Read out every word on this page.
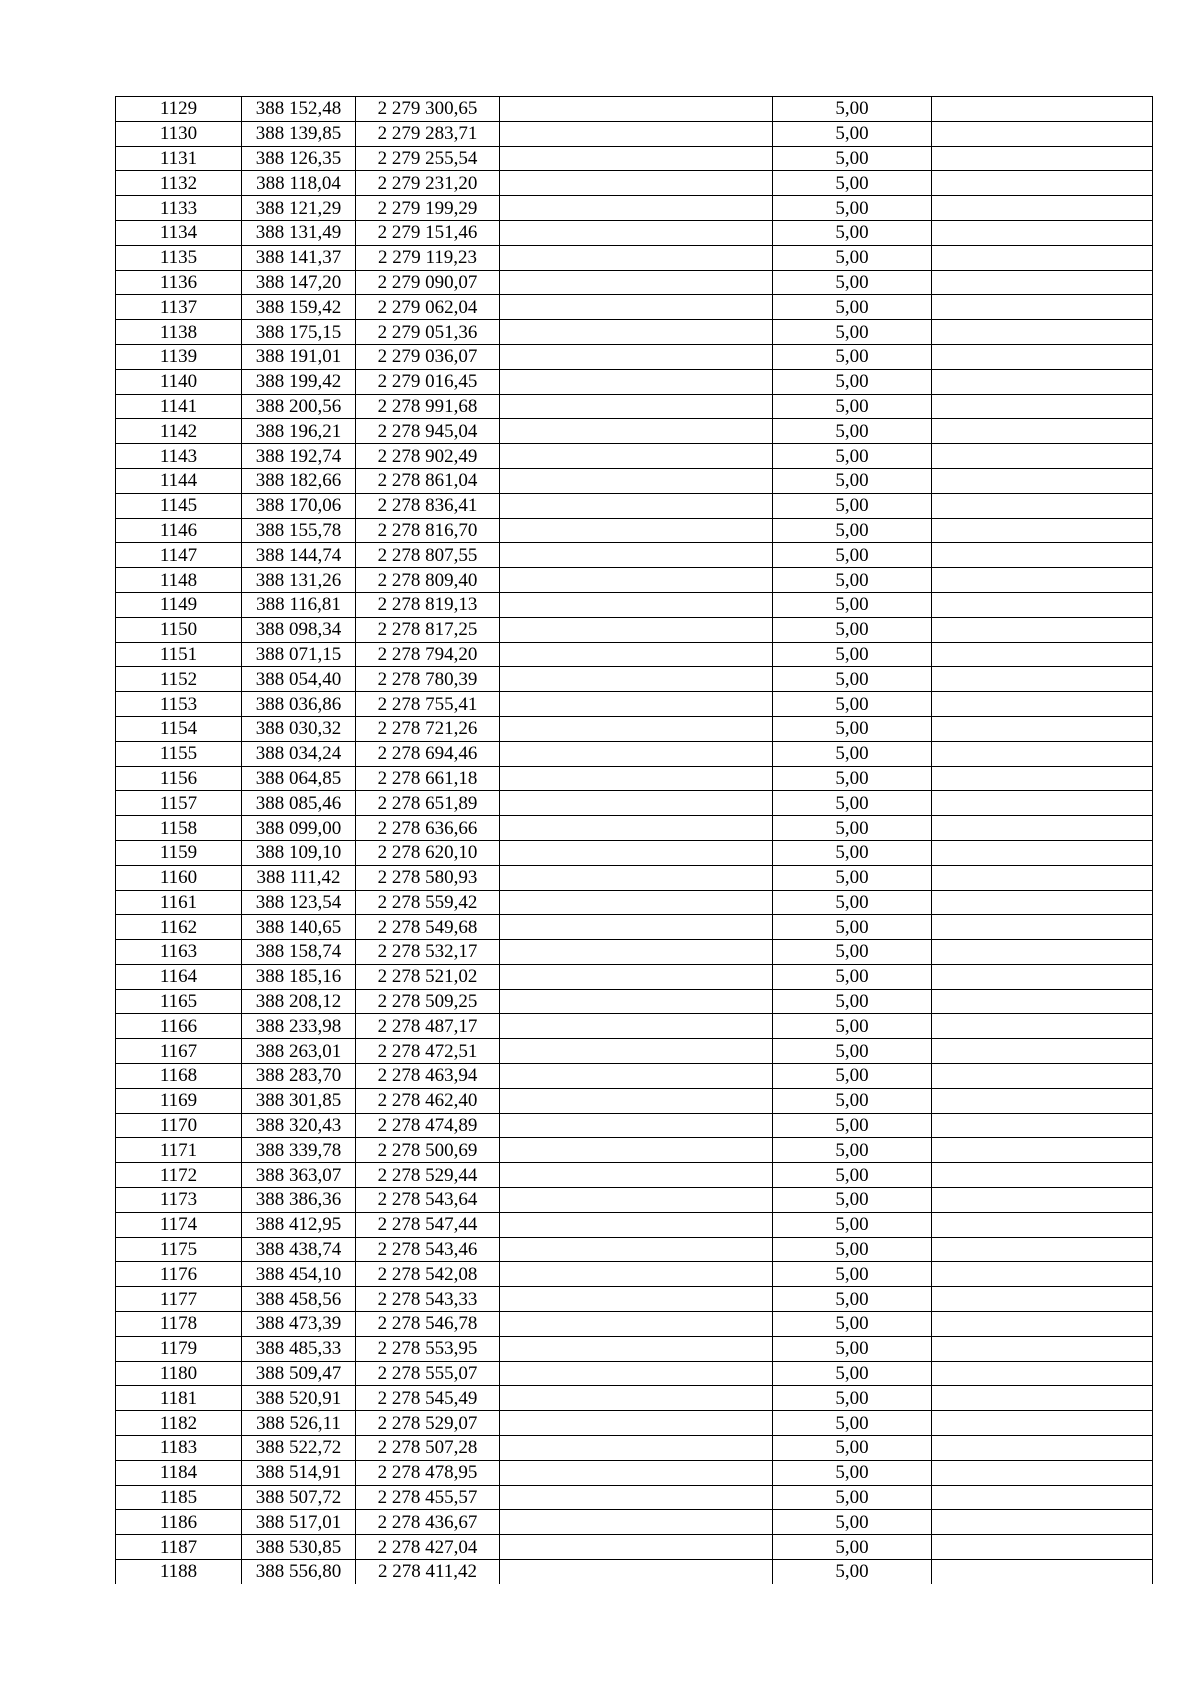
1129	388 152,48	2 279 300,65		5,00	
1130	388 139,85	2 279 283,71		5,00	
1131	388 126,35	2 279 255,54		5,00	
1132	388 118,04	2 279 231,20		5,00	
1133	388 121,29	2 279 199,29		5,00	
1134	388 131,49	2 279 151,46		5,00	
1135	388 141,37	2 279 119,23		5,00	
1136	388 147,20	2 279 090,07		5,00	
1137	388 159,42	2 279 062,04		5,00	
1138	388 175,15	2 279 051,36		5,00	
1139	388 191,01	2 279 036,07		5,00	
1140	388 199,42	2 279 016,45		5,00	
1141	388 200,56	2 278 991,68		5,00	
1142	388 196,21	2 278 945,04		5,00	
1143	388 192,74	2 278 902,49		5,00	
1144	388 182,66	2 278 861,04		5,00	
1145	388 170,06	2 278 836,41		5,00	
1146	388 155,78	2 278 816,70		5,00	
1147	388 144,74	2 278 807,55		5,00	
1148	388 131,26	2 278 809,40		5,00	
1149	388 116,81	2 278 819,13		5,00	
1150	388 098,34	2 278 817,25		5,00	
1151	388 071,15	2 278 794,20		5,00	
1152	388 054,40	2 278 780,39		5,00	
1153	388 036,86	2 278 755,41		5,00	
1154	388 030,32	2 278 721,26		5,00	
1155	388 034,24	2 278 694,46		5,00	
1156	388 064,85	2 278 661,18		5,00	
1157	388 085,46	2 278 651,89		5,00	
1158	388 099,00	2 278 636,66		5,00	
1159	388 109,10	2 278 620,10		5,00	
1160	388 111,42	2 278 580,93		5,00	
1161	388 123,54	2 278 559,42		5,00	
1162	388 140,65	2 278 549,68		5,00	
1163	388 158,74	2 278 532,17		5,00	
1164	388 185,16	2 278 521,02		5,00	
1165	388 208,12	2 278 509,25		5,00	
1166	388 233,98	2 278 487,17		5,00	
1167	388 263,01	2 278 472,51		5,00	
1168	388 283,70	2 278 463,94		5,00	
1169	388 301,85	2 278 462,40		5,00	
1170	388 320,43	2 278 474,89		5,00	
1171	388 339,78	2 278 500,69		5,00	
1172	388 363,07	2 278 529,44		5,00	
1173	388 386,36	2 278 543,64		5,00	
1174	388 412,95	2 278 547,44		5,00	
1175	388 438,74	2 278 543,46		5,00	
1176	388 454,10	2 278 542,08		5,00	
1177	388 458,56	2 278 543,33		5,00	
1178	388 473,39	2 278 546,78		5,00	
1179	388 485,33	2 278 553,95		5,00	
1180	388 509,47	2 278 555,07		5,00	
1181	388 520,91	2 278 545,49		5,00	
1182	388 526,11	2 278 529,07		5,00	
1183	388 522,72	2 278 507,28		5,00	
1184	388 514,91	2 278 478,95		5,00	
1185	388 507,72	2 278 455,57		5,00	
1186	388 517,01	2 278 436,67		5,00	
1187	388 530,85	2 278 427,04		5,00	
1188	388 556,80	2 278 411,42		5,00	
